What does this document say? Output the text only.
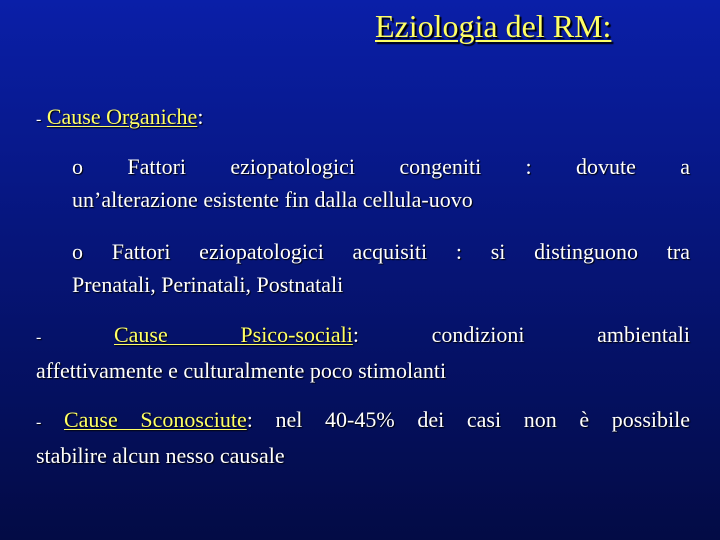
Eziologia del RM:
- Cause Organiche:
o Fattori eziopatologici congeniti : dovute a
un’alterazione esistente fin dalla cellula-uovo
o Fattori eziopatologici acquisiti : si distinguono tra
Prenatali, Perinatali, Postnatali
-	Cause Psico-sociali:	condizioni ambientali
affettivamente e culturalmente poco stimolanti
- Cause Sconosciute: nel 40-45% dei casi non è possibile
stabilire alcun nesso causale
